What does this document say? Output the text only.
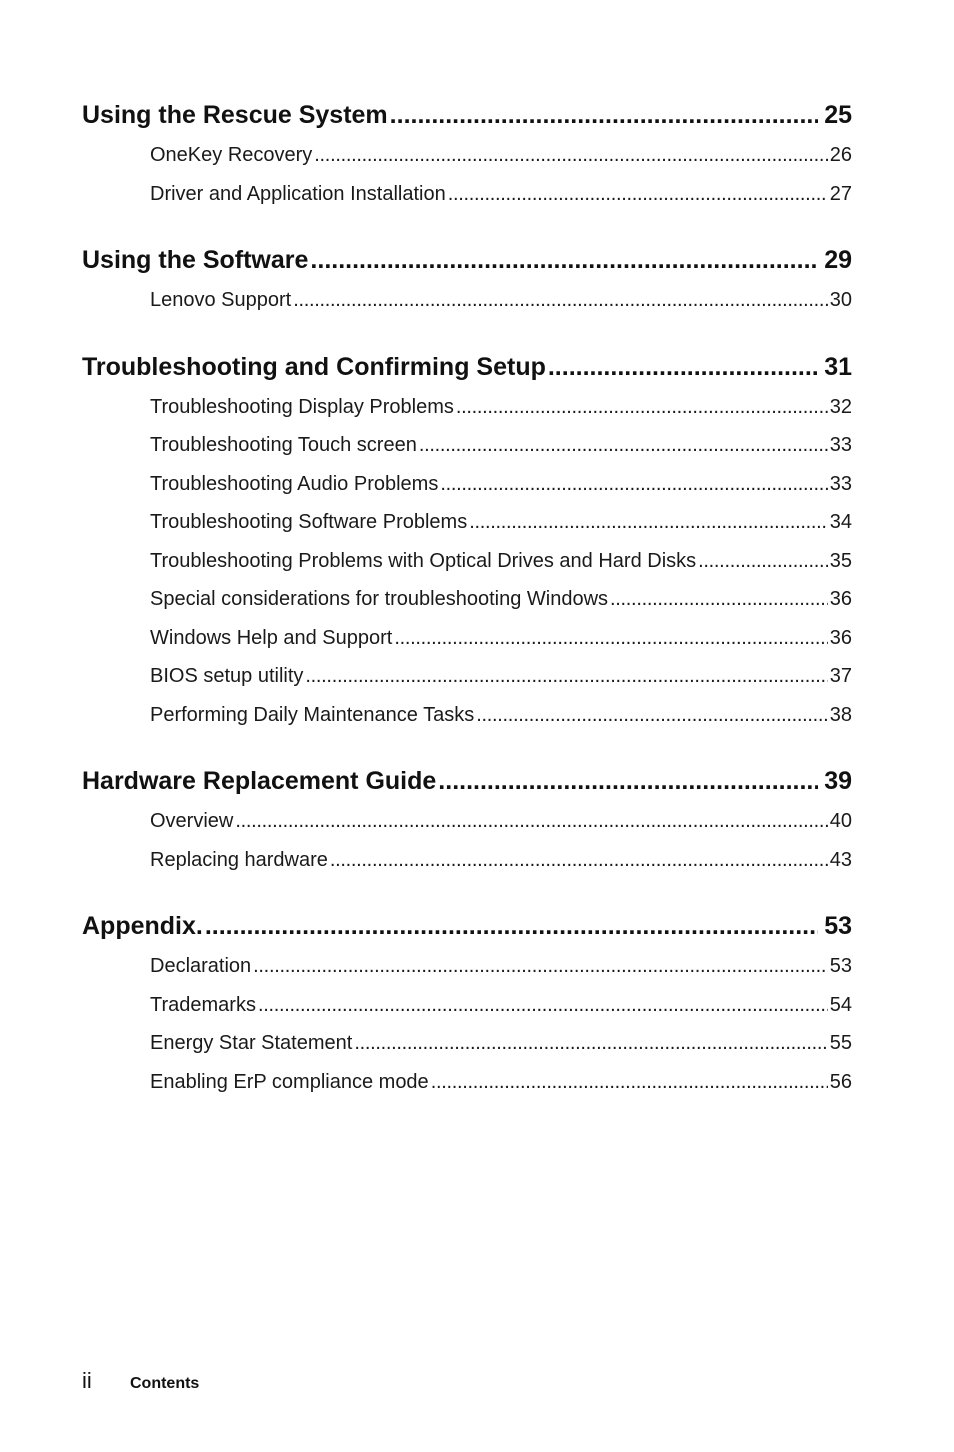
Using the Rescue System .....	25
OneKey Recovery .....	26
Driver and Application Installation .....	27
Using the Software .....	29
Lenovo Support .....	30
Troubleshooting and Confirming Setup .....	31
Troubleshooting Display Problems .....	32
Troubleshooting Touch screen .....	33
Troubleshooting Audio Problems .....	33
Troubleshooting Software Problems .....	34
Troubleshooting Problems with Optical Drives and Hard Disks .....	35
Special considerations for troubleshooting Windows .....	36
Windows Help and Support .....	36
BIOS setup utility .....	37
Performing Daily Maintenance Tasks .....	38
Hardware Replacement Guide .....	39
Overview .....	40
Replacing hardware .....	43
Appendix. .....	53
Declaration .....	53
Trademarks .....	54
Energy Star Statement .....	55
Enabling ErP compliance mode .....	56
ii	Contents
